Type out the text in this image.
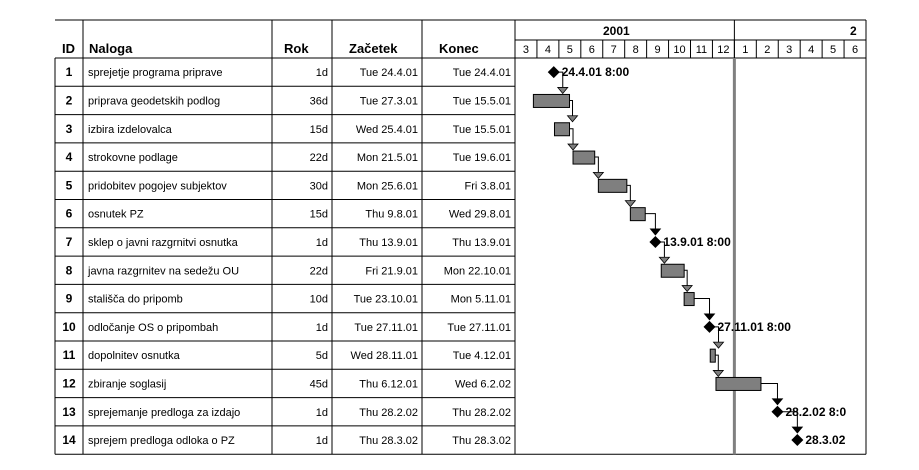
ID Naloga	Rok	Začetek	Konec
2001	2
1 sprejetje programa priprave	1d	Tue 24.4.01	Tue 24.4.01
2 priprava geodetskih podlog	36d	Tue 27.3.01	Tue 15.5.01
3 izbira izdelovalca	15d	Wed 25.4.01	Tue 15.5.01
4 strokovne podlage	22d	Mon 21.5.01	Tue 19.6.01
5 pridobitev pogojev subjektov	30d	Mon 25.6.01	Fri 3.8.01
6 osnutek PZ	15d	Thu 9.8.01	Wed 29.8.01
7 sklep o javni razgrnitvi osnutka	1d	Thu 13.9.01	Thu 13.9.01
8 javna razgrnitev na sedežu OU	22d	Fri 21.9.01 Mon 22.10.01
9 stališča do pripomb	10d Tue 23.10.01	Mon 5.11.01
10 odločanje OS o pripombah	1d Tue 27.11.01	Tue 27.11.01
11 dopolnitev osnutka	5d Wed 28.11.01	Tue 4.12.01
12 zbiranje soglasij	45d	Thu 6.12.01	Wed 6.2.02
13 sprejemanje predloga za izdajo	1d	Thu 28.2.02	Thu 28.2.02
14 sprejem predloga odloka o PZ	1d	Thu 28.3.02	Thu 28.3.02
3 4 5 6 7 8 9 10 11 12 1 2 3 4 5 6
24.4.01 8:00
13.9.01 8:00
27.11.01 8:00
28.2.02 8:0
28.3.02
